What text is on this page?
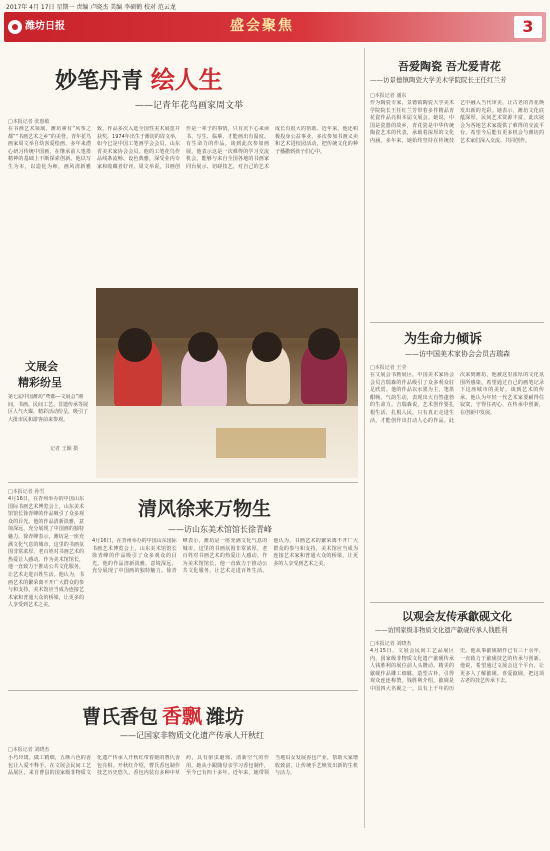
2017年 4月 17日 星期一 责编 卢晓杰 美编 李硕鹤 校对 范云龙
潍坊日报	盛会聚焦	3
妙笔丹青 绘人生
——记青年花鸟画家周文举
□本报记者 张惠敏
在书画艺术领域，潍坊素有“风筝之都”“书画艺术之乡”的美誉。青年花鸟画家周文举自幼喜爱绘画，多年来潜心研习传统中国画，在继承前人笔墨精神的基础上不断探索创新。他以写生为本，以造化为师，画风清新雅致，作品多次入选全国性美术展览并获奖。1974年出生于潍坊的周文举，如今已是中国工笔画学会会员、山东省美术家协会会员。他的工笔花鸟作品线条流畅、设色典雅，深受业内专家和收藏者好评。周文举说，书画创作是一辈子的事情，只有沉下心来读书、写生、临摹，才能画出有温度、有生命力的作品。谈到此次参加画展，他表示这是一次难得的学习交流机会，能够与来自全国各地的书画家同台展示、切磋技艺，对自己的艺术成长有很大的帮助。近年来，他还积极投身公益事业，多次参加书画义卖和艺术进校园活动，把传统文化的种子播撒到孩子们心中。
文展会
精彩纷呈
第七届中国潍坊“鸢都—文展会”期间，书画、民间工艺、非遗传承等展区人气火爆，精彩活动纷呈，吸引了大批市民和游客前来参观。
记者 王颖 摄
□本报记者 孙雪
4月16日，在青州举办的中国山东国际书画艺术博览会上，山东美术馆馆长徐青峰的作品吸引了众多观众的目光。他的作品清新淡雅，意境深远，充分展现了中国画的独特魅力。徐青峰表示，潍坊是一座充满文化气息的城市，这里的书画氛围非常浓厚，老百姓对书画艺术的热爱让人感动。作为美术馆馆长，他一直致力于推动公共文化服务，让艺术走进百姓生活。他认为，书画艺术的繁荣离不开广大群众的参与和支持，美术馆应当成为连接艺术家和普通大众的桥梁，让更多的人享受到艺术之美。
清风徐来万物生
——访山东美术馆馆长徐青峰
4月16日，在青州举办的中国山东国际书画艺术博览会上，山东美术馆馆长徐青峰的作品吸引了众多观众的目光。他的作品清新淡雅，意境深远，充分展现了中国画的独特魅力。徐青峰表示，潍坊是一座充满文化气息的城市，这里的书画氛围非常浓厚，老百姓对书画艺术的热爱让人感动。作为美术馆馆长，他一直致力于推动公共文化服务，让艺术走进百姓生活。他认为，书画艺术的繁荣离不开广大群众的参与和支持，美术馆应当成为连接艺术家和普通大众的桥梁，让更多的人享受到艺术之美。
曹氏香包 香飘 潍坊
——记国家非物质文化遗产传承人开秋红
□本报记者 刘晓杰
小巧玲珑、做工精细，五颜六色的香包让人爱不释手。在文展会民间工艺品展区，来自曹县的国家级非物质文化遗产传承人开秋红带着她的曹氏香包亮相。开秋红介绍，曹氏香包制作技艺历史悠久，香包内装有多种中草药，具有驱虫避邪、清新空气的作用。她从小跟随母亲学习香包制作，至今已有四十多年。近年来，她带领当地妇女发展香包产业，帮助大家增收致富，让传统手艺焕发出新的生机与活力。
吾爱陶瓷 吾尤爱青花
——访景德镇陶瓷大学美术学院院长王任红兰芳
□本报记者 潘东
作为陶瓷专家，景德镇陶瓷大学美术学院院长王任红兰芳带着多件精品青花瓷作品亮相本届文展会。她说，中国是瓷器的故乡，青花瓷是中华传统陶瓷艺术的代表，承载着深厚的文化内涵。多年来，她始终坚持在传统技艺中融入当代审美，让古老的青花焕发出新的光彩。她表示，潍坊文化底蕴深厚，民间艺术资源丰富，此次展会为各地艺术家提供了难得的交流平台，希望今后能有更多机会与潍坊的艺术家们深入交流、共同创作。
为生命力倾诉
——访中国美术家协会会员吉瑞森
□本报记者 王莹
在文展会书画展区，中国美术家协会会员吉瑞森的作品吸引了众多观众驻足欣赏。他的作品以水墨为主，笔墨酣畅、气韵生动，表现出大自然蓬勃的生命力。吉瑞森说，艺术创作要扎根生活、扎根人民，只有真正走进生活，才能创作出打动人心的作品。此次来到潍坊，他被这里浓厚的文化氛围所感染，希望通过自己的画笔记录下这座城市的美好。谈到艺术的传承，他认为年轻一代艺术家要耐得住寂寞，守得住初心，在传承中创新，在创新中发展。
以观会友传承歙砚文化
——访国家级非物质文化遗产歙砚传承人钱胜利
□本报记者 刘晓杰
4月15日，文展会民间工艺品展区内，国家级非物质文化遗产歙砚传承人钱胜利的展位前人头攒动。精美的歙砚作品雕工细腻、造型古朴，引得观众连连称赞。钱胜利介绍，歙砚是中国四大名砚之一，具有上千年的历史。他从事歙砚制作已有三十余年，一直致力于歙砚技艺的传承与创新。他说，希望通过文展会这个平台，让更多人了解歙砚、喜爱歙砚，把这项古老的技艺传承下去。
